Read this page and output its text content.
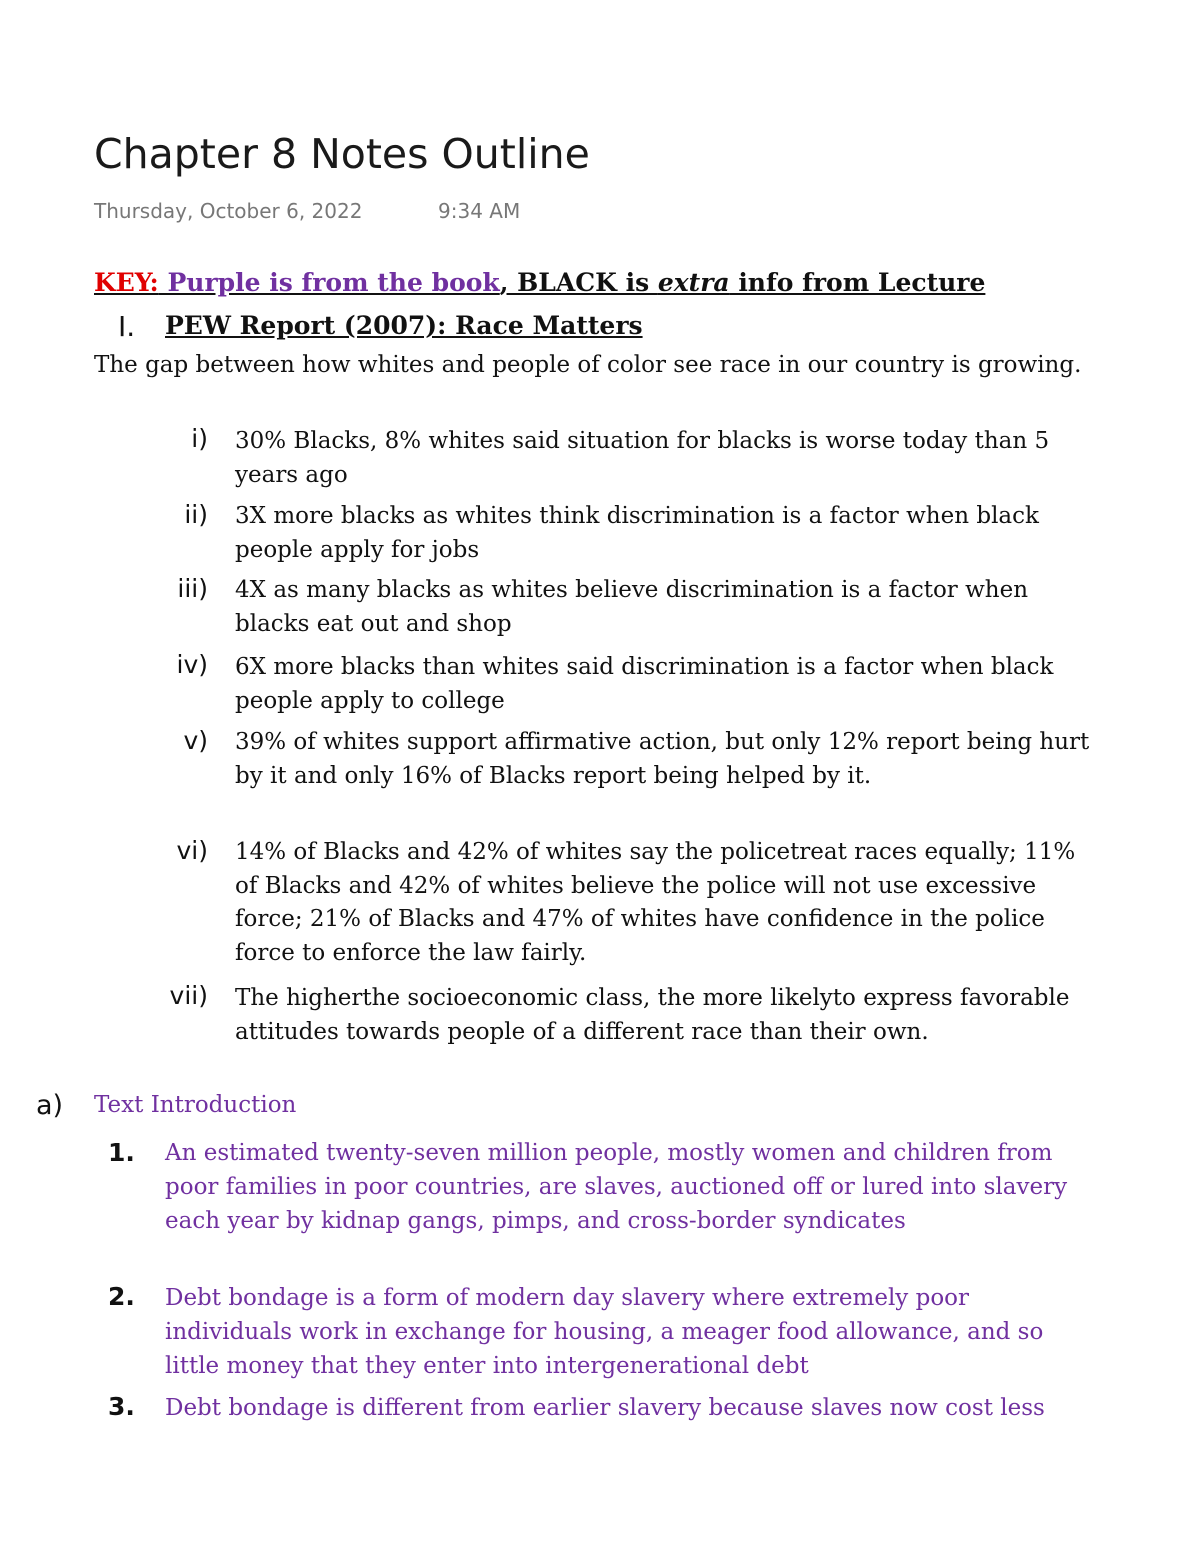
Chapter 8 Notes Outline
Thursday, October 6, 2022	9:34 AM
KEY: Purple is from the book, BLACK is extra info from Lecture
I. PEW Report (2007): Race Matters
The gap between how whites and people of color see race in our country is growing.
i) 30% Blacks, 8% whites said situation for blacks is worse today than 5 years ago
ii) 3X more blacks as whites think discrimination is a factor when black people apply for jobs
iii) 4X as many blacks as whites believe discrimination is a factor when blacks eat out and shop
iv) 6X more blacks than whites said discrimination is a factor when black people apply to college
v) 39% of whites support affirmative action, but only 12% report being hurt by it and only 16% of Blacks report being helped by it.
vi) 14% of Blacks and 42% of whites say the policetreat races equally; 11% of Blacks and 42% of whites believe the police will not use excessive force; 21% of Blacks and 47% of whites have confidence in the police force to enforce the law fairly.
vii) The higherthe socioeconomic class, the more likelyto express favorable attitudes towards people of a different race than their own.
a) Text Introduction
1. An estimated twenty-seven million people, mostly women and children from poor families in poor countries, are slaves, auctioned off or lured into slavery each year by kidnap gangs, pimps, and cross-border syndicates
2. Debt bondage is a form of modern day slavery where extremely poor individuals work in exchange for housing, a meager food allowance, and so little money that they enter into intergenerational debt
3. Debt bondage is different from earlier slavery because slaves now cost less
